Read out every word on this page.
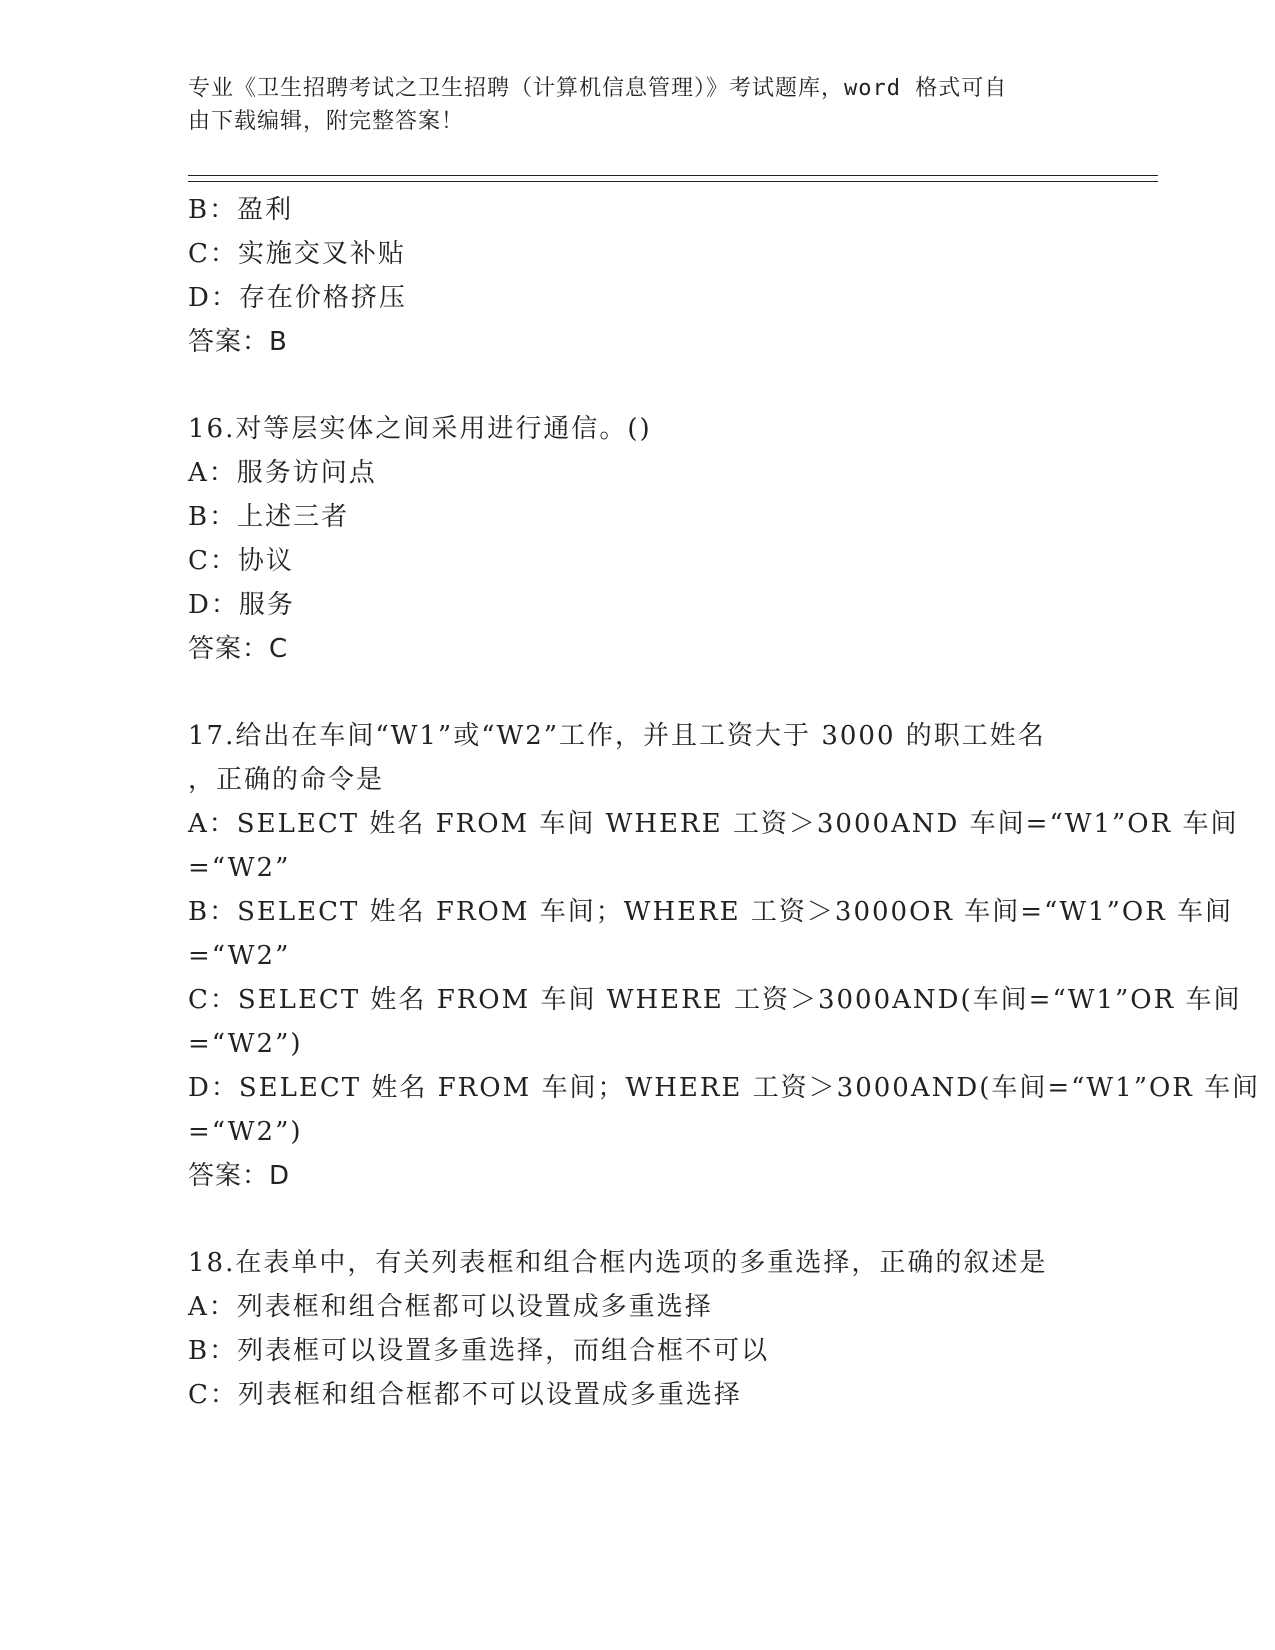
专业《卫生招聘考试之卫生招聘（计算机信息管理）》考试题库，word 格式可自
由下载编辑，附完整答案！
B：盈利
C：实施交叉补贴
D：存在价格挤压
答案：B
16.对等层实体之间采用进行通信。()
A：服务访问点
B：上述三者
C：协议
D：服务
答案：C
17.给出在车间“W1”或“W2”工作，并且工资大于 3000 的职工姓名
，正确的命令是
A：SELECT 姓名 FROM 车间 WHERE 工资＞3000AND 车间=“W1”OR 车间
=“W2”
B：SELECT 姓名 FROM 车间；WHERE 工资＞3000OR 车间=“W1”OR 车间
=“W2”
C：SELECT 姓名 FROM 车间 WHERE 工资＞3000AND(车间=“W1”OR 车间
=“W2”)
D：SELECT 姓名 FROM 车间；WHERE 工资＞3000AND(车间=“W1”OR 车间
=“W2”)
答案：D
18.在表单中，有关列表框和组合框内选项的多重选择，正确的叙述是
A：列表框和组合框都可以设置成多重选择
B：列表框可以设置多重选择，而组合框不可以
C：列表框和组合框都不可以设置成多重选择
